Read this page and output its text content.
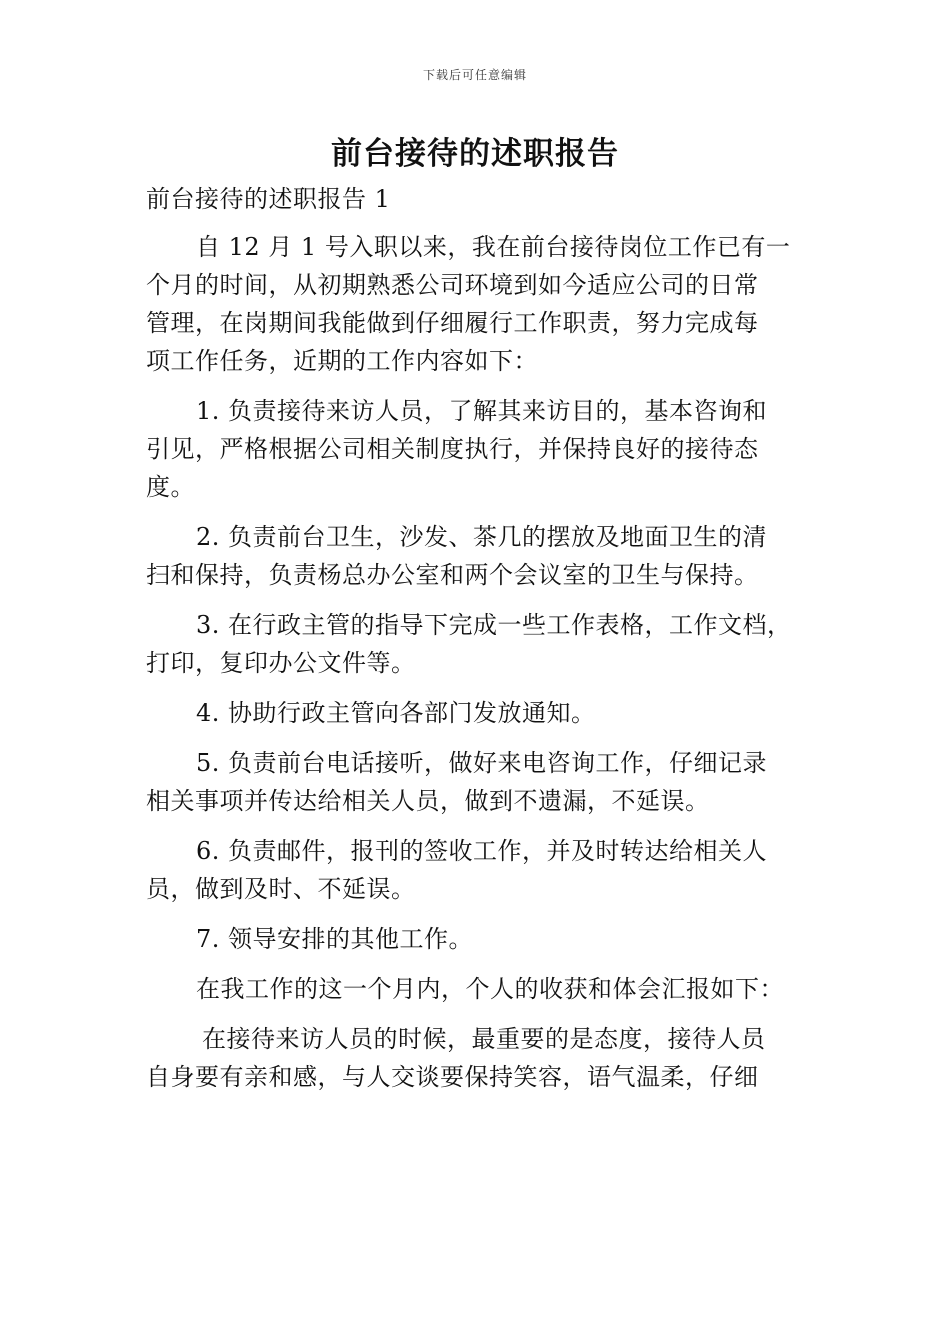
下载后可任意编辑
前台接待的述职报告
前台接待的述职报告 1
自 12 月 1 号入职以来，我在前台接待岗位工作已有一
个月的时间，从初期熟悉公司环境到如今适应公司的日常
管理，在岗期间我能做到仔细履行工作职责，努力完成每
项工作任务，近期的工作内容如下：
1. 负责接待来访人员，了解其来访目的，基本咨询和
引见，严格根据公司相关制度执行，并保持良好的接待态
度。
2. 负责前台卫生，沙发、茶几的摆放及地面卫生的清
扫和保持，负责杨总办公室和两个会议室的卫生与保持。
3. 在行政主管的指导下完成一些工作表格，工作文档，
打印，复印办公文件等。
4. 协助行政主管向各部门发放通知。
5. 负责前台电话接听，做好来电咨询工作，仔细记录
相关事项并传达给相关人员，做到不遗漏，不延误。
6. 负责邮件，报刊的签收工作，并及时转达给相关人
员，做到及时、不延误。
7. 领导安排的其他工作。
在我工作的这一个月内，个人的收获和体会汇报如下：
在接待来访人员的时候，最重要的是态度，接待人员
自身要有亲和感，与人交谈要保持笑容，语气温柔，仔细
